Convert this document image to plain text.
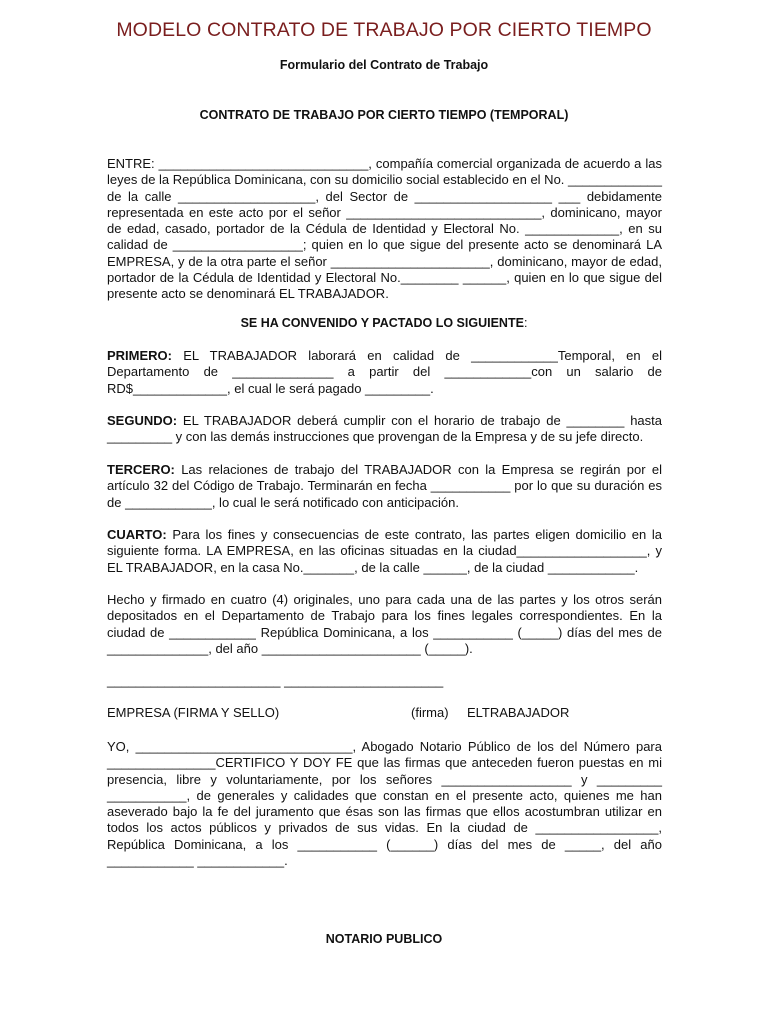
MODELO CONTRATO DE TRABAJO POR CIERTO TIEMPO
Formulario del Contrato de Trabajo
CONTRATO DE TRABAJO POR CIERTO TIEMPO (TEMPORAL)

ENTRE: _____________________________, compañía comercial organizada de acuerdo a las leyes de la República Dominicana, con su domicilio social establecido en el No. _____________ de la calle ___________________, del Sector de ___________________ ___ debidamente representada en este acto por el señor ___________________________, dominicano, mayor de edad, casado, portador de la Cédula de Identidad y Electoral No. _____________, en su calidad de __________________; quien en lo que sigue del presente acto se denominará LA EMPRESA, y de la otra parte el señor ______________________, dominicano, mayor de edad, portador de la Cédula de Identidad y Electoral No.________ ______, quien en lo que sigue del presente acto se denominará EL TRABAJADOR.

SE HA CONVENIDO Y PACTADO LO SIGUIENTE:

PRIMERO: EL TRABAJADOR laborará en calidad de ____________Temporal, en el Departamento de ______________ a partir del ____________con un salario de RD$_____________, el cual le será pagado _________.

SEGUNDO: EL TRABAJADOR deberá cumplir con el horario de trabajo de ________ hasta _________ y con las demás instrucciones que provengan de la Empresa y de su jefe directo.

TERCERO: Las relaciones de trabajo del TRABAJADOR con la Empresa se regirán por el artículo 32 del Código de Trabajo. Terminarán en fecha ___________ por lo que su duración es de ____________, lo cual le será notificado con anticipación.

CUARTO: Para los fines y consecuencias de este contrato, las partes eligen domicilio en la siguiente forma. LA EMPRESA, en las oficinas situadas en la ciudad__________________, y EL TRABAJADOR, en la casa No._______, de la calle ______, de la ciudad ____________.

Hecho y firmado en cuatro (4) originales, uno para cada una de las partes y los otros serán depositados en el Departamento de Trabajo para los fines legales correspondientes. En la ciudad de ____________ República Dominicana, a los ___________ (_____) días del mes de ______________, del año ______________________ (_____).

________________________ ______________________
EMPRESA (FIRMA Y SELLO)	(firma) ELTRABAJADOR

YO, ______________________________, Abogado Notario Público de los del Número para _______________CERTIFICO Y DOY FE que las firmas que anteceden fueron puestas en mi presencia, libre y voluntariamente, por los señores __________________ y _________ ___________, de generales y calidades que constan en el presente acto, quienes me han aseverado bajo la fe del juramento que ésas son las firmas que ellos acostumbran utilizar en todos los actos públicos y privados de sus vidas. En la ciudad de _________________, República Dominicana, a los ___________ (______) días del mes de _____, del año ____________ ____________.

NOTARIO PUBLICO
